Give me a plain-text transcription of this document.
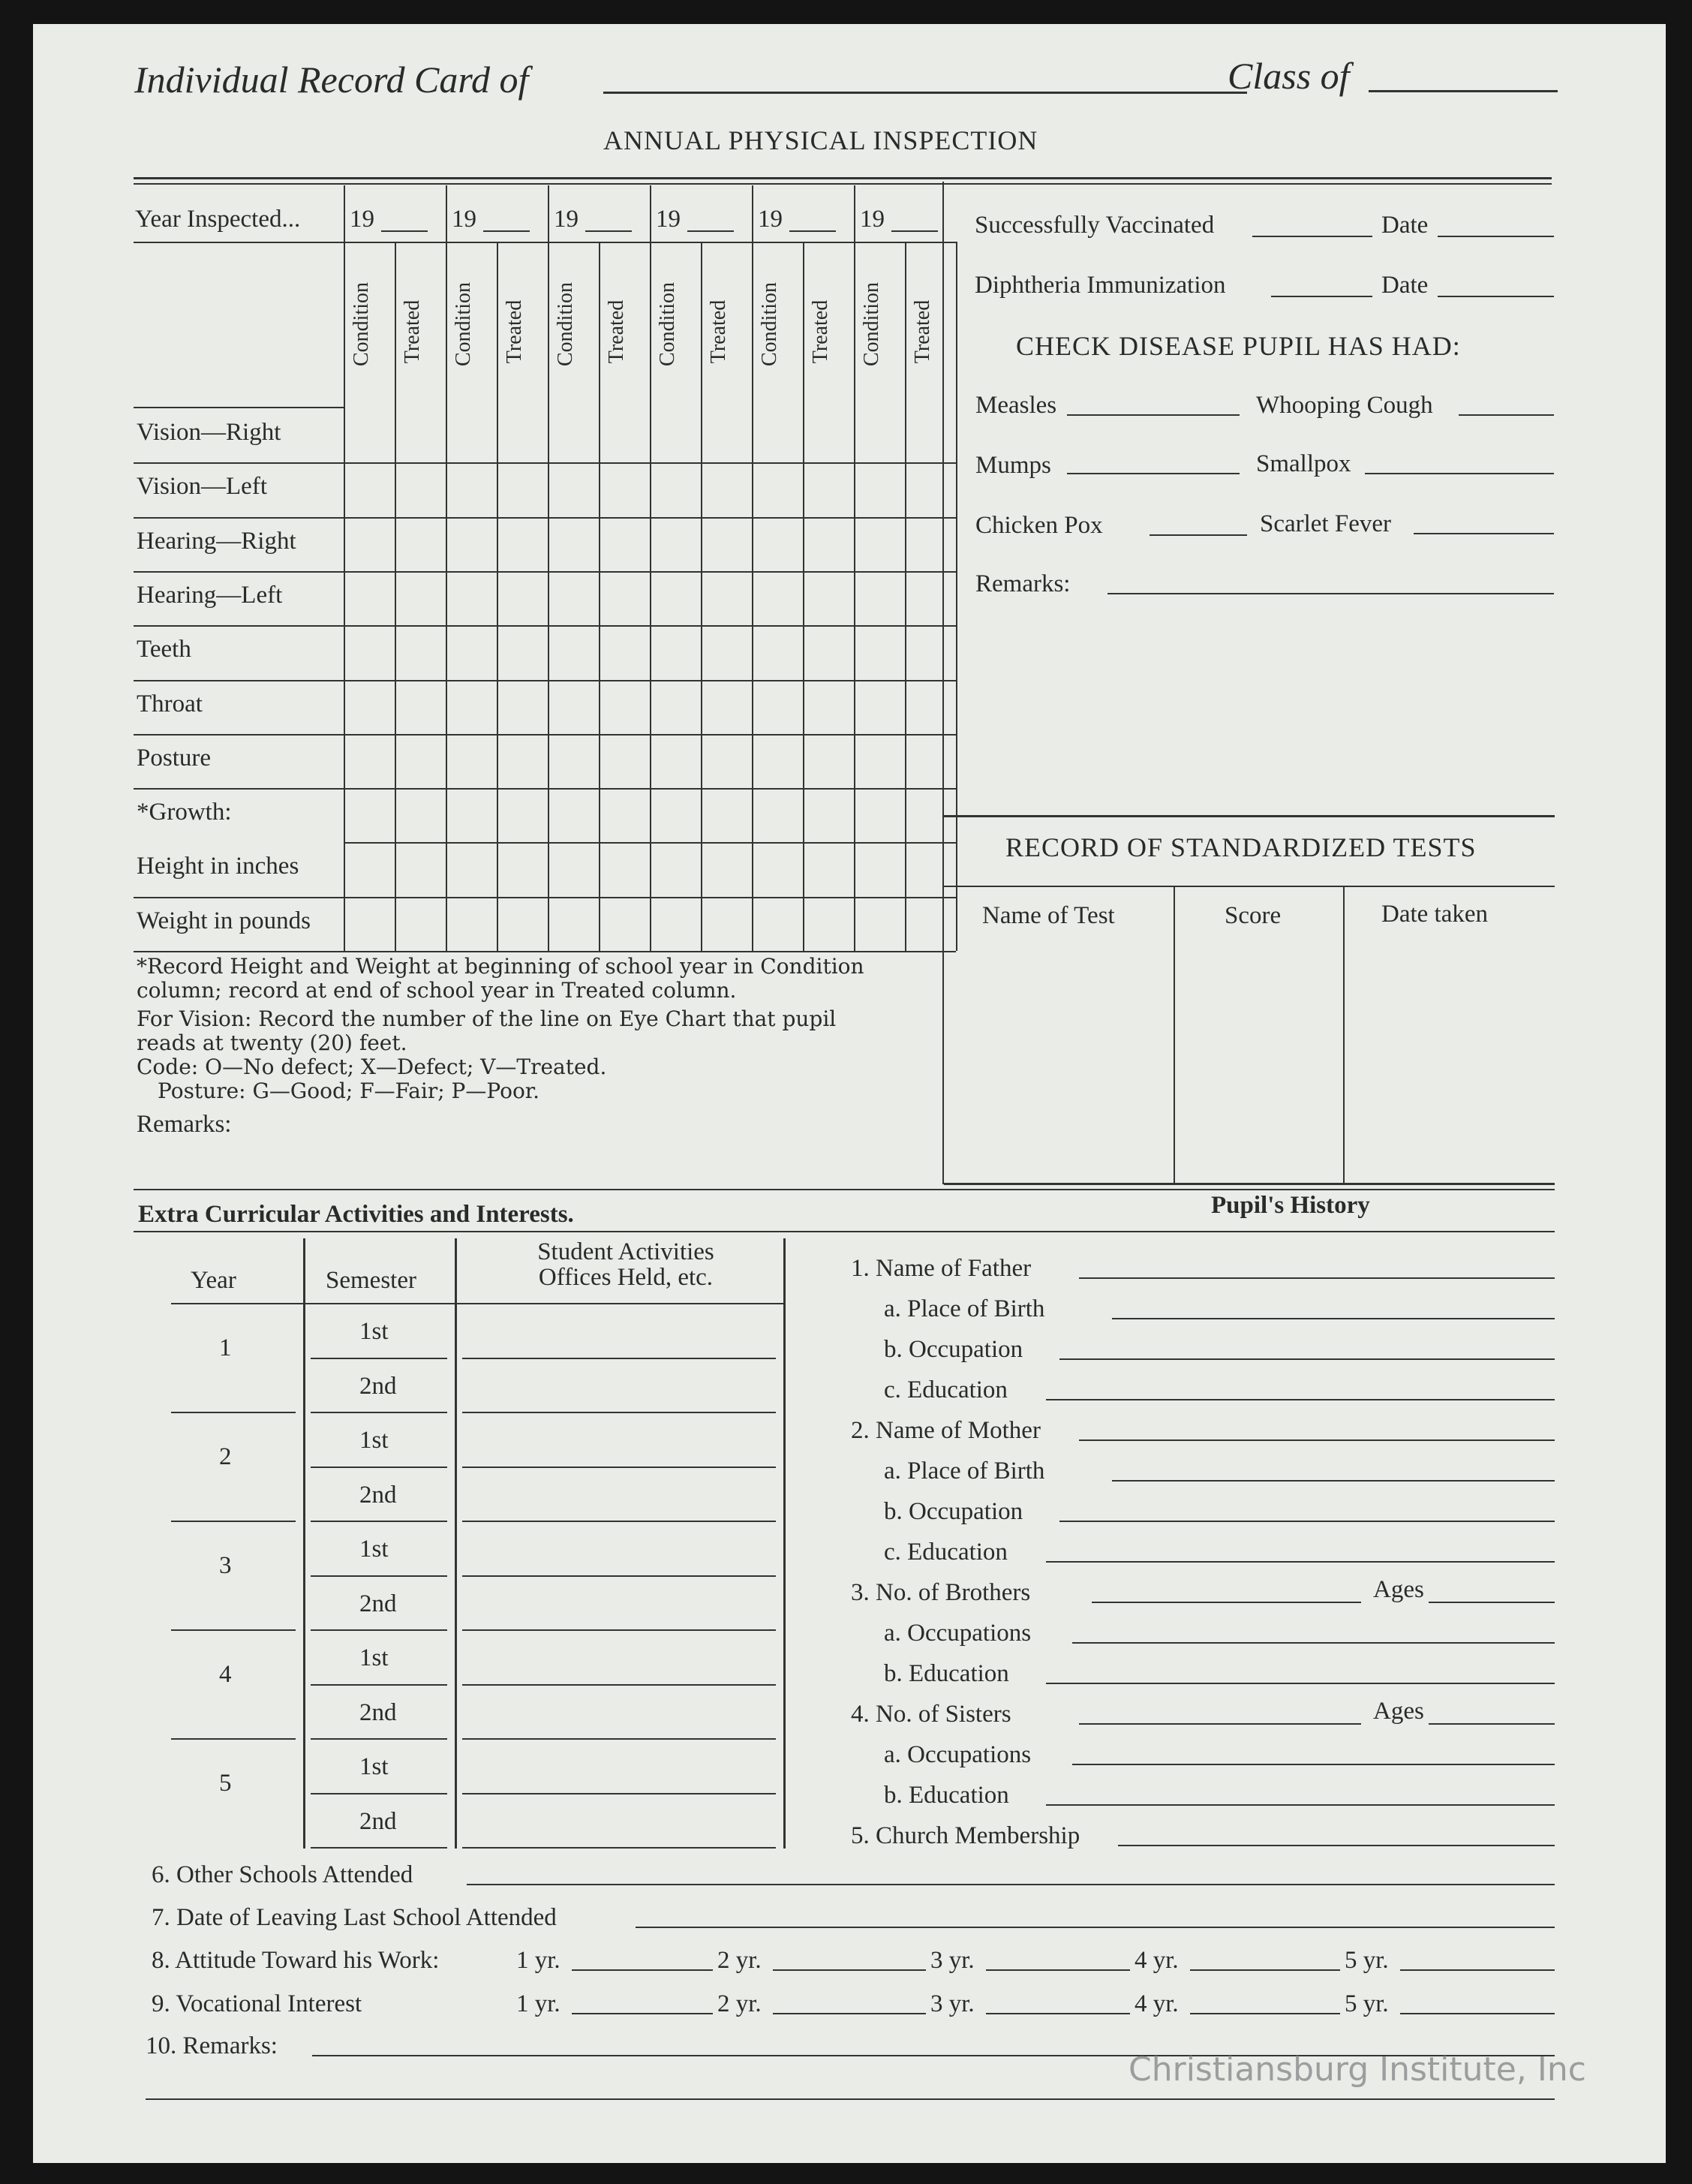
Individual Record Card of	Class of
ANNUAL PHYSICAL INSPECTION
Year Inspected... 19
Condition Treated
19
Condition Treated
19
Condition Treated
19
Condition Treated
19
Condition Treated
19
Condition Treated
Vision—Right
Vision—Left
Hearing—Right
Hearing—Left
Teeth
Throat
Posture
*Growth:
Height in inches
Weight in pounds
Successfully Vaccinated	Date
Diphtheria Immunization	Date
CHECK DISEASE PUPIL HAS HAD:
Measles	Whooping Cough
Mumps	Smallpox
Chicken Pox	Scarlet Fever
Remarks:
RECORD OF STANDARDIZED TESTS
Name of Test	Score	Date taken
*Record Height and Weight at beginning of school year in Condition
column; record at end of school year in Treated column.
For Vision: Record the number of the line on Eye Chart that pupil
reads at twenty (20) feet.
Code: O—No defect; X—Defect; V—Treated.
Posture: G—Good; F—Fair; P—Poor.
Remarks:
Extra Curricular Activities and Interests.	Pupil's History
Year	Semester
Student Activities
Offices Held, etc.
1
1st
2nd
2
1st
2nd
3
1st
2nd
4
1st
2nd
5
1st
2nd
1. Name of Father
a. Place of Birth
b. Occupation
c. Education
2. Name of Mother
a. Place of Birth
b. Occupation
c. Education
3. No. of Brothers	Ages
a. Occupations
b. Education
4. No. of Sisters	Ages
a. Occupations
b. Education
5. Church Membership
6. Other Schools Attended
7. Date of Leaving Last School Attended
8. Attitude Toward his Work:	1 yr.	2 yr.	3 yr.	4 yr.	5 yr.
9. Vocational Interest	1 yr.	2 yr.	3 yr.	4 yr.	5 yr.
10. Remarks:
Christiansburg Institute, Inc
